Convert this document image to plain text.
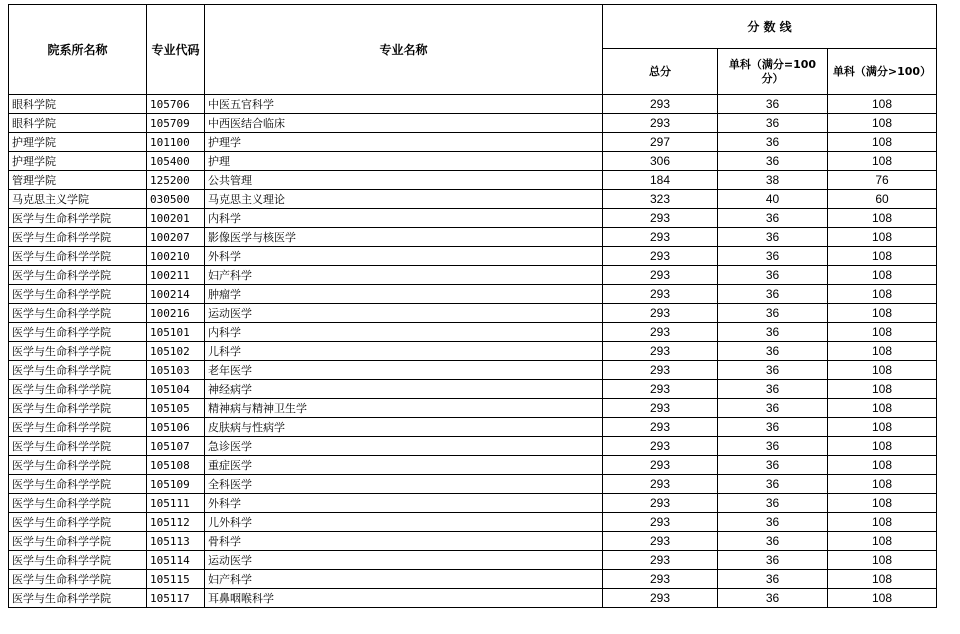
院系所名称	专业代码	专业名称	分 数 线		
			总分	单科（满分=100分）	单科（满分>100）
眼科学院	105706	中医五官科学	293	36	108
眼科学院	105709	中西医结合临床	293	36	108
护理学院	101100	护理学	297	36	108
护理学院	105400	护理	306	36	108
管理学院	125200	公共管理	184	38	76
马克思主义学院	030500	马克思主义理论	323	40	60
医学与生命科学学院	100201	内科学	293	36	108
医学与生命科学学院	100207	影像医学与核医学	293	36	108
医学与生命科学学院	100210	外科学	293	36	108
医学与生命科学学院	100211	妇产科学	293	36	108
医学与生命科学学院	100214	肿瘤学	293	36	108
医学与生命科学学院	100216	运动医学	293	36	108
医学与生命科学学院	105101	内科学	293	36	108
医学与生命科学学院	105102	儿科学	293	36	108
医学与生命科学学院	105103	老年医学	293	36	108
医学与生命科学学院	105104	神经病学	293	36	108
医学与生命科学学院	105105	精神病与精神卫生学	293	36	108
医学与生命科学学院	105106	皮肤病与性病学	293	36	108
医学与生命科学学院	105107	急诊医学	293	36	108
医学与生命科学学院	105108	重症医学	293	36	108
医学与生命科学学院	105109	全科医学	293	36	108
医学与生命科学学院	105111	外科学	293	36	108
医学与生命科学学院	105112	儿外科学	293	36	108
医学与生命科学学院	105113	骨科学	293	36	108
医学与生命科学学院	105114	运动医学	293	36	108
医学与生命科学学院	105115	妇产科学	293	36	108
医学与生命科学学院	105117	耳鼻咽喉科学	293	36	108
